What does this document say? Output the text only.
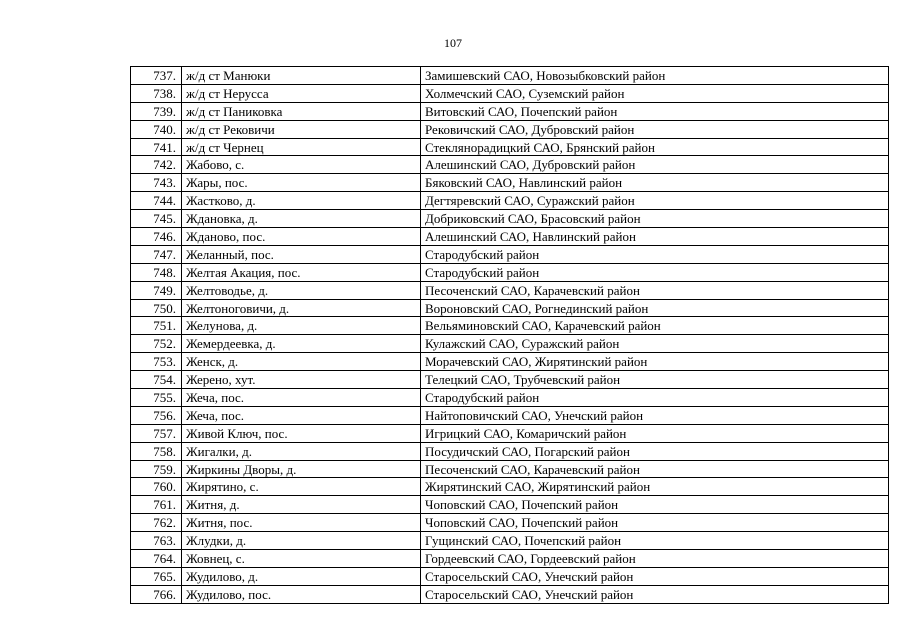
107
737.	ж/д ст Манюки	Замишевский САО, Новозыбковский район
738.	ж/д ст Нерусса	Холмечский САО, Суземский район
739.	ж/д ст Паниковка	Витовский САО, Почепский район
740.	ж/д ст Рековичи	Рековичский САО, Дубровский район
741.	ж/д ст Чернец	Стеклянорадицкий САО, Брянский район
742.	Жабово, с.	Алешинский САО, Дубровский район
743.	Жары, пос.	Бяковский САО, Навлинский район
744.	Жастково, д.	Дегтяревский САО, Суражский район
745.	Ждановка, д.	Добриковский САО, Брасовский район
746.	Жданово, пос.	Алешинский САО, Навлинский район
747.	Желанный, пос.	Стародубский район
748.	Желтая Акация, пос.	Стародубский район
749.	Желтоводье, д.	Песоченский САО, Карачевский район
750.	Желтоноговичи, д.	Вороновский САО, Рогнединский район
751.	Желунова, д.	Вельяминовский САО, Карачевский район
752.	Жемердеевка, д.	Кулажский САО, Суражский район
753.	Женск, д.	Морачевский САО, Жирятинский район
754.	Жерено, хут.	Телецкий САО, Трубчевский район
755.	Жеча, пос.	Стародубский район
756.	Жеча, пос.	Найтоповичский САО, Унечский район
757.	Живой Ключ, пос.	Игрицкий САО, Комаричский район
758.	Жигалки, д.	Посудичский САО, Погарский район
759.	Жиркины Дворы, д.	Песоченский САО, Карачевский район
760.	Жирятино, с.	Жирятинский САО, Жирятинский район
761.	Житня, д.	Чоповский САО, Почепский район
762.	Житня, пос.	Чоповский САО, Почепский район
763.	Жлудки, д.	Гущинский САО, Почепский район
764.	Жовнец, с.	Гордеевский САО, Гордеевский район
765.	Жудилово, д.	Старосельский САО, Унечский район
766.	Жудилово, пос.	Старосельский САО, Унечский район
